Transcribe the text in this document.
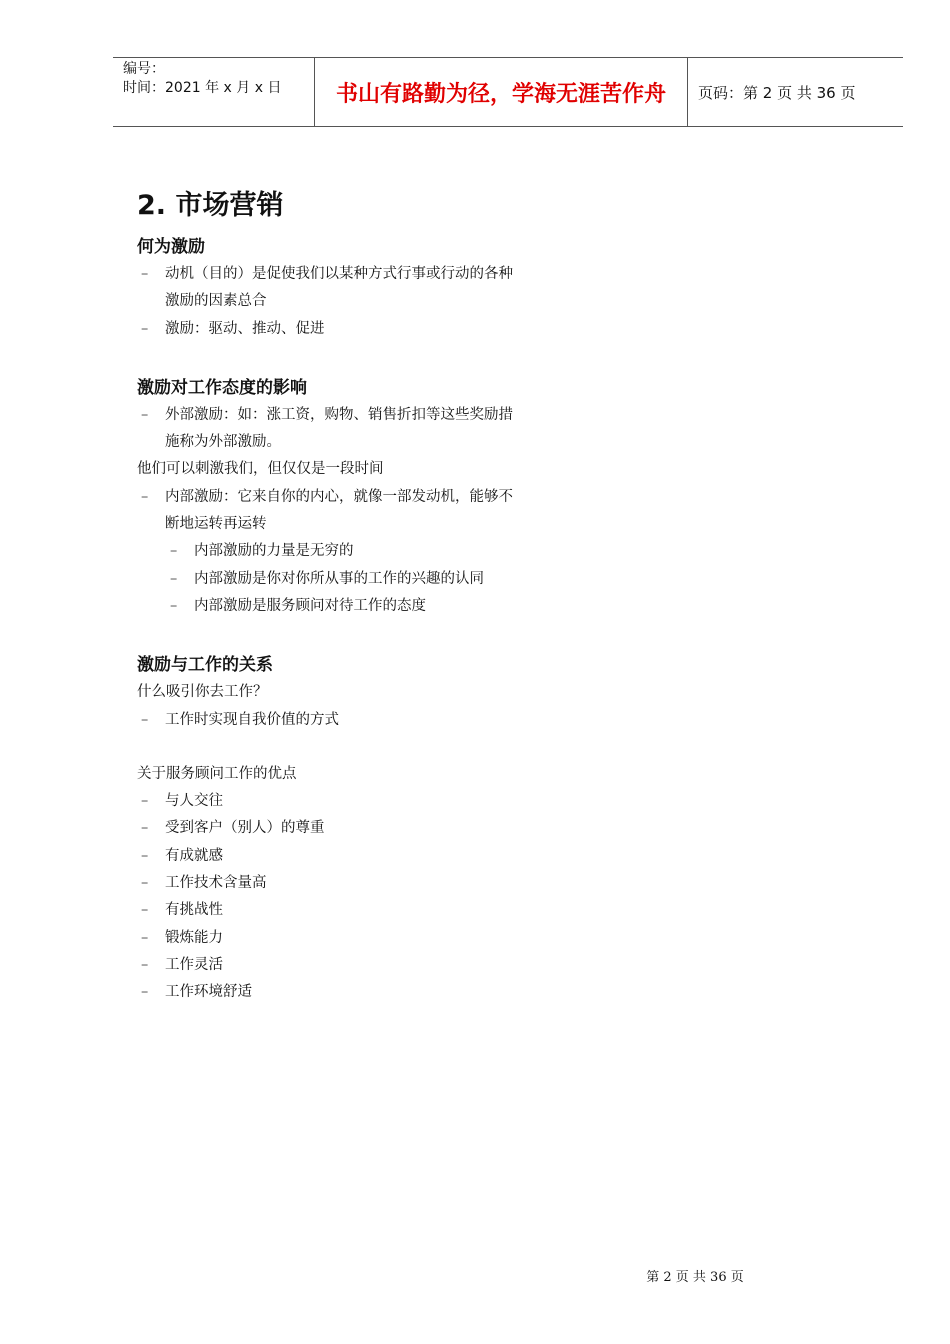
编号：
时间：2021 年 x 月 x 日	书山有路勤为径，学海无涯苦作舟	页码：第 2 页 共 36 页
2. 市场营销
何为激励
– 动机（目的）是促使我们以某种方式行事或行动的各种
激励的因素总合
– 激励：驱动、推动、促进
激励对工作态度的影响
– 外部激励：如：涨工资，购物、销售折扣等这些奖励措
施称为外部激励。
他们可以刺激我们，但仅仅是一段时间
– 内部激励：它来自你的内心，就像一部发动机，能够不
断地运转再运转
– 内部激励的力量是无穷的
– 内部激励是你对你所从事的工作的兴趣的认同
– 内部激励是服务顾问对待工作的态度
激励与工作的关系
什么吸引你去工作？
– 工作时实现自我价值的方式
关于服务顾问工作的优点
– 与人交往
– 受到客户（别人）的尊重
– 有成就感
– 工作技术含量高
– 有挑战性
– 锻炼能力
– 工作灵活
– 工作环境舒适
第 2 页 共 36 页
